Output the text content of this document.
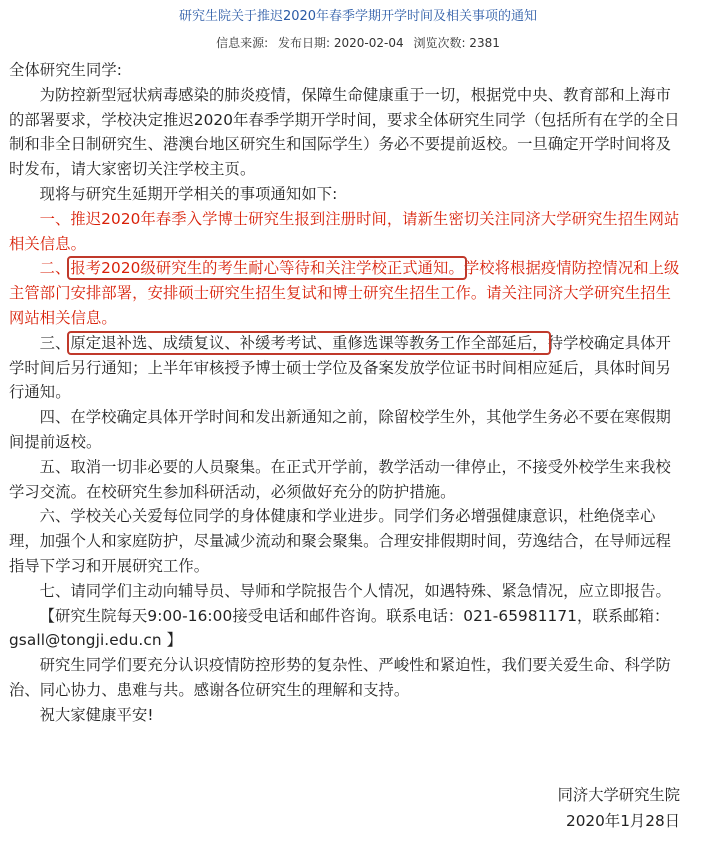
研究生院关于推迟2020年春季学期开学时间及相关事项的通知
信息来源: 发布日期: 2020-02-04 浏览次数: 2381

全体研究生同学:

为防控新型冠状病毒感染的肺炎疫情，保障生命健康重于一切，根据党中央、教育部和上海市的部署要求，学校决定推迟2020年春季学期开学时间，要求全体研究生同学（包括所有在学的全日制和非全日制研究生、港澳台地区研究生和国际学生）务必不要提前返校。一旦确定开学时间将及时发布，请大家密切关注学校主页。

现将与研究生延期开学相关的事项通知如下:

一、推迟2020年春季入学博士研究生报到注册时间，请新生密切关注同济大学研究生招生网站相关信息。

二、报考2020级研究生的考生耐心等待和关注学校正式通知。学校将根据疫情防控情况和上级主管部门安排部署，安排硕士研究生招生复试和博士研究生招生工作。请关注同济大学研究生招生网站相关信息。

三、原定退补选、成绩复议、补缓考考试、重修选课等教务工作全部延后，待学校确定具体开学时间后另行通知；上半年审核授予博士硕士学位及备案发放学位证书时间相应延后，具体时间另行通知。

四、在学校确定具体开学时间和发出新通知之前，除留校学生外，其他学生务必不要在寒假期间提前返校。

五、取消一切非必要的人员聚集。在正式开学前，教学活动一律停止，不接受外校学生来我校学习交流。在校研究生参加科研活动，必须做好充分的防护措施。

六、学校关心关爱每位同学的身体健康和学业进步。同学们务必增强健康意识，杜绝侥幸心理，加强个人和家庭防护，尽量减少流动和聚会聚集。合理安排假期时间，劳逸结合，在导师远程指导下学习和开展研究工作。

七、请同学们主动向辅导员、导师和学院报告个人情况，如遇特殊、紧急情况，应立即报告。

【研究生院每天9:00-16:00接受电话和邮件咨询。联系电话：021-65981171，联系邮箱：gsall@tongji.edu.cn 】

研究生同学们要充分认识疫情防控形势的复杂性、严峻性和紧迫性，我们要关爱生命、科学防治、同心协力、患难与共。感谢各位研究生的理解和支持。

祝大家健康平安!

同济大学研究生院
2020年1月28日
